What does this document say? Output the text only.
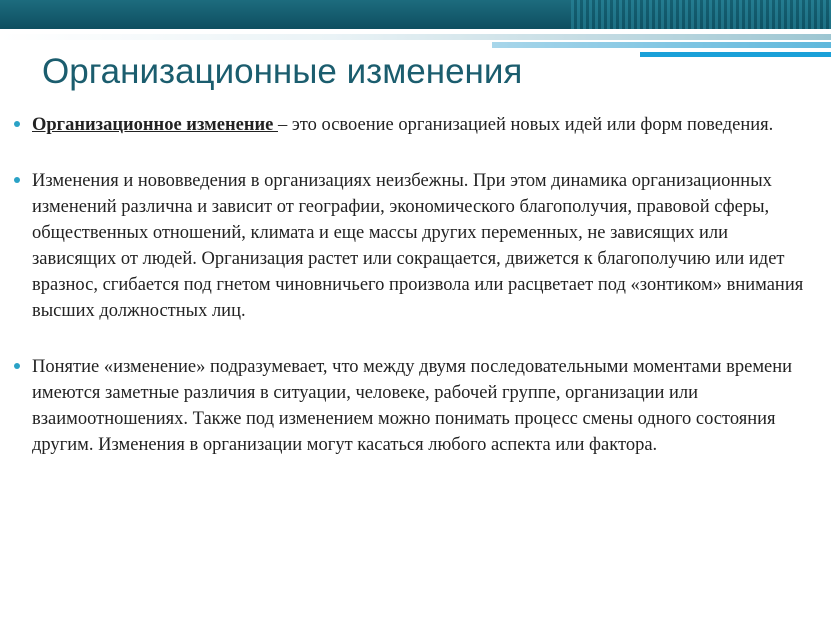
Организационные изменения
Организационное изменение – это освоение организацией новых идей или форм поведения.
Изменения и нововведения в организациях неизбежны. При этом динамика организационных изменений различна и зависит от географии, экономического благополучия, правовой сферы, общественных отношений, климата и еще массы других переменных, не зависящих или зависящих от людей. Организация растет или сокращается, движется к благополучию или идет вразнос, сгибается под гнетом чиновничьего произвола или расцветает под «зонтиком» внимания высших должностных лиц.
Понятие «изменение» подразумевает, что между двумя последовательными моментами времени имеются заметные различия в ситуации, человеке, рабочей группе, организации или взаимоотношениях. Также под изменением можно понимать процесс смены одного состояния другим. Изменения в организации могут касаться любого аспекта или фактора.
